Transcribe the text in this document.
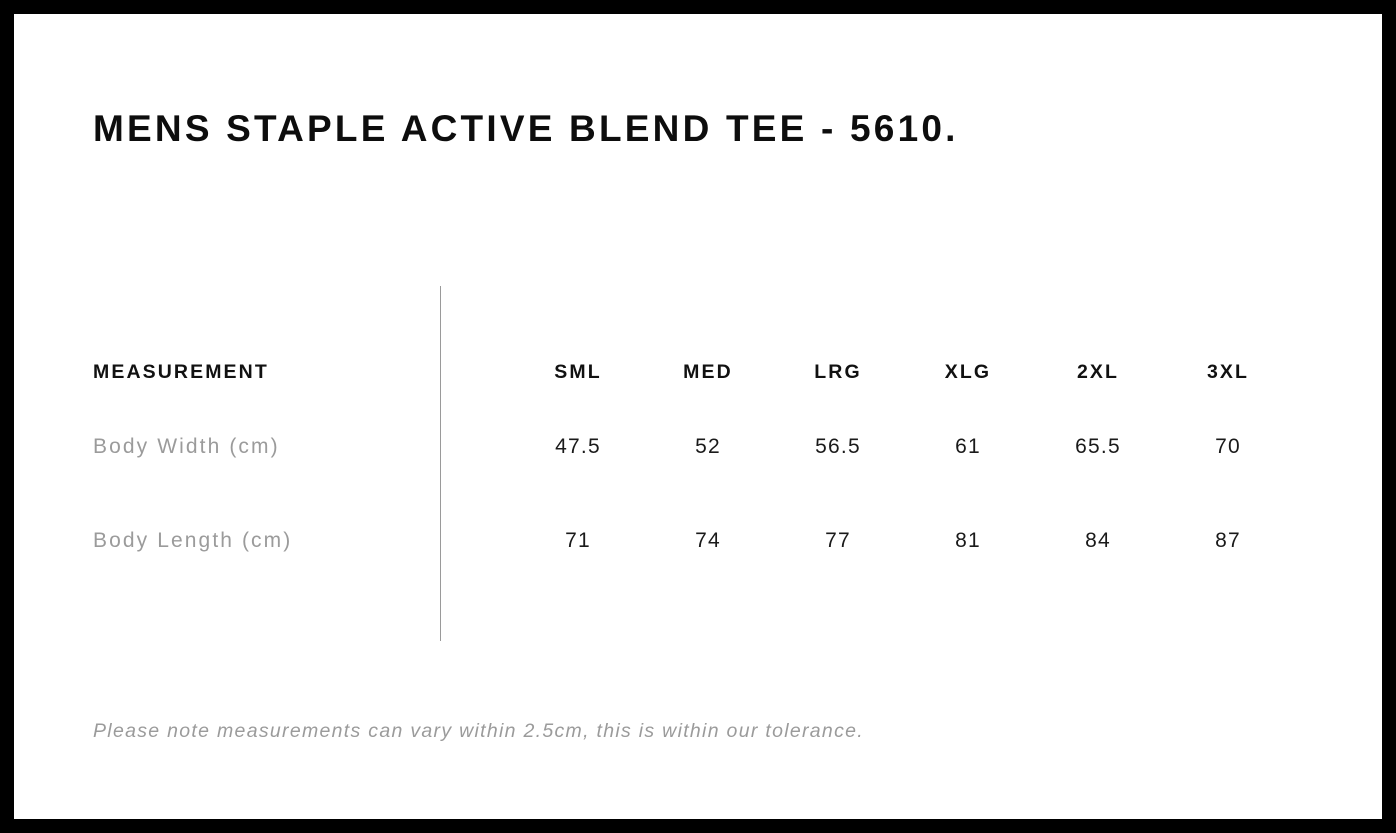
MENS STAPLE ACTIVE BLEND TEE - 5610.
MEASUREMENT	SML	MED	LRG	XLG	2XL	3XL
Body Width (cm)	47.5	52	56.5	61	65.5	70
Body Length (cm)	71	74	77	81	84	87
Please note measurements can vary within 2.5cm, this is within our tolerance.
